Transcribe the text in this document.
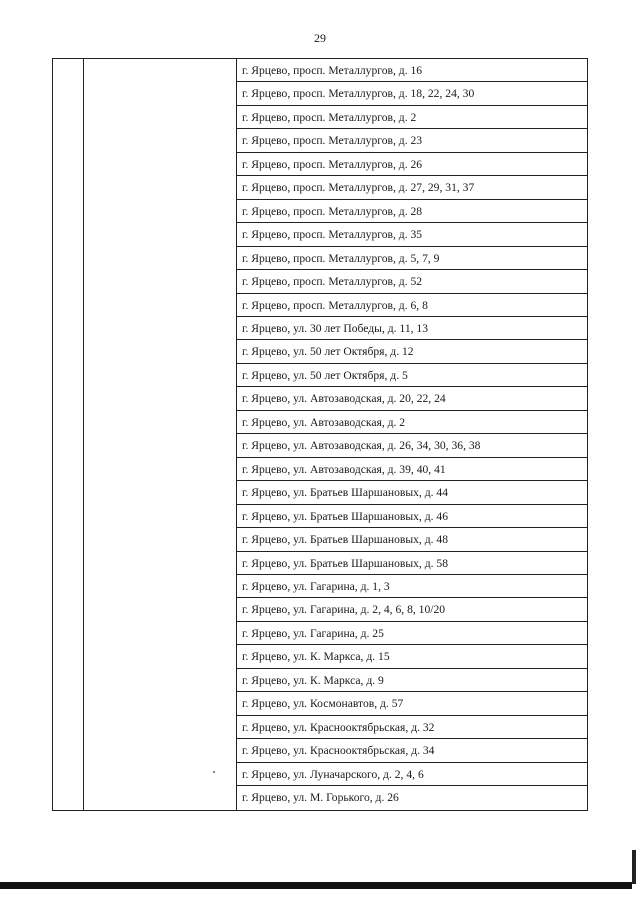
29
г. Ярцево, просп. Металлургов, д. 16
г. Ярцево, просп. Металлургов, д. 18, 22, 24, 30
г. Ярцево, просп. Металлургов, д. 2
г. Ярцево, просп. Металлургов, д. 23
г. Ярцево, просп. Металлургов, д. 26
г. Ярцево, просп. Металлургов, д. 27, 29, 31, 37
г. Ярцево, просп. Металлургов, д. 28
г. Ярцево, просп. Металлургов, д. 35
г. Ярцево, просп. Металлургов, д. 5, 7, 9
г. Ярцево, просп. Металлургов, д. 52
г. Ярцево, просп. Металлургов, д. 6, 8
г. Ярцево, ул. 30 лет Победы, д. 11, 13
г. Ярцево, ул. 50 лет Октября, д. 12
г. Ярцево, ул. 50 лет Октября, д. 5
г. Ярцево, ул. Автозаводская, д. 20, 22, 24
г. Ярцево, ул. Автозаводская, д. 2
г. Ярцево, ул. Автозаводская, д. 26, 34, 30, 36, 38
г. Ярцево, ул. Автозаводская, д. 39, 40, 41
г. Ярцево, ул. Братьев Шаршановых, д. 44
г. Ярцево, ул. Братьев Шаршановых, д. 46
г. Ярцево, ул. Братьев Шаршановых, д. 48
г. Ярцево, ул. Братьев Шаршановых, д. 58
г. Ярцево, ул. Гагарина, д. 1, 3
г. Ярцево, ул. Гагарина, д. 2, 4, 6, 8, 10/20
г. Ярцево, ул. Гагарина, д. 25
г. Ярцево, ул. К. Маркса, д. 15
г. Ярцево, ул. К. Маркса, д. 9
г. Ярцево, ул. Космонавтов, д. 57
г. Ярцево, ул. Краснооктябрьская, д. 32
г. Ярцево, ул. Краснооктябрьская, д. 34
г. Ярцево, ул. Луначарского, д. 2, 4, 6
г. Ярцево, ул. М. Горького, д. 26
